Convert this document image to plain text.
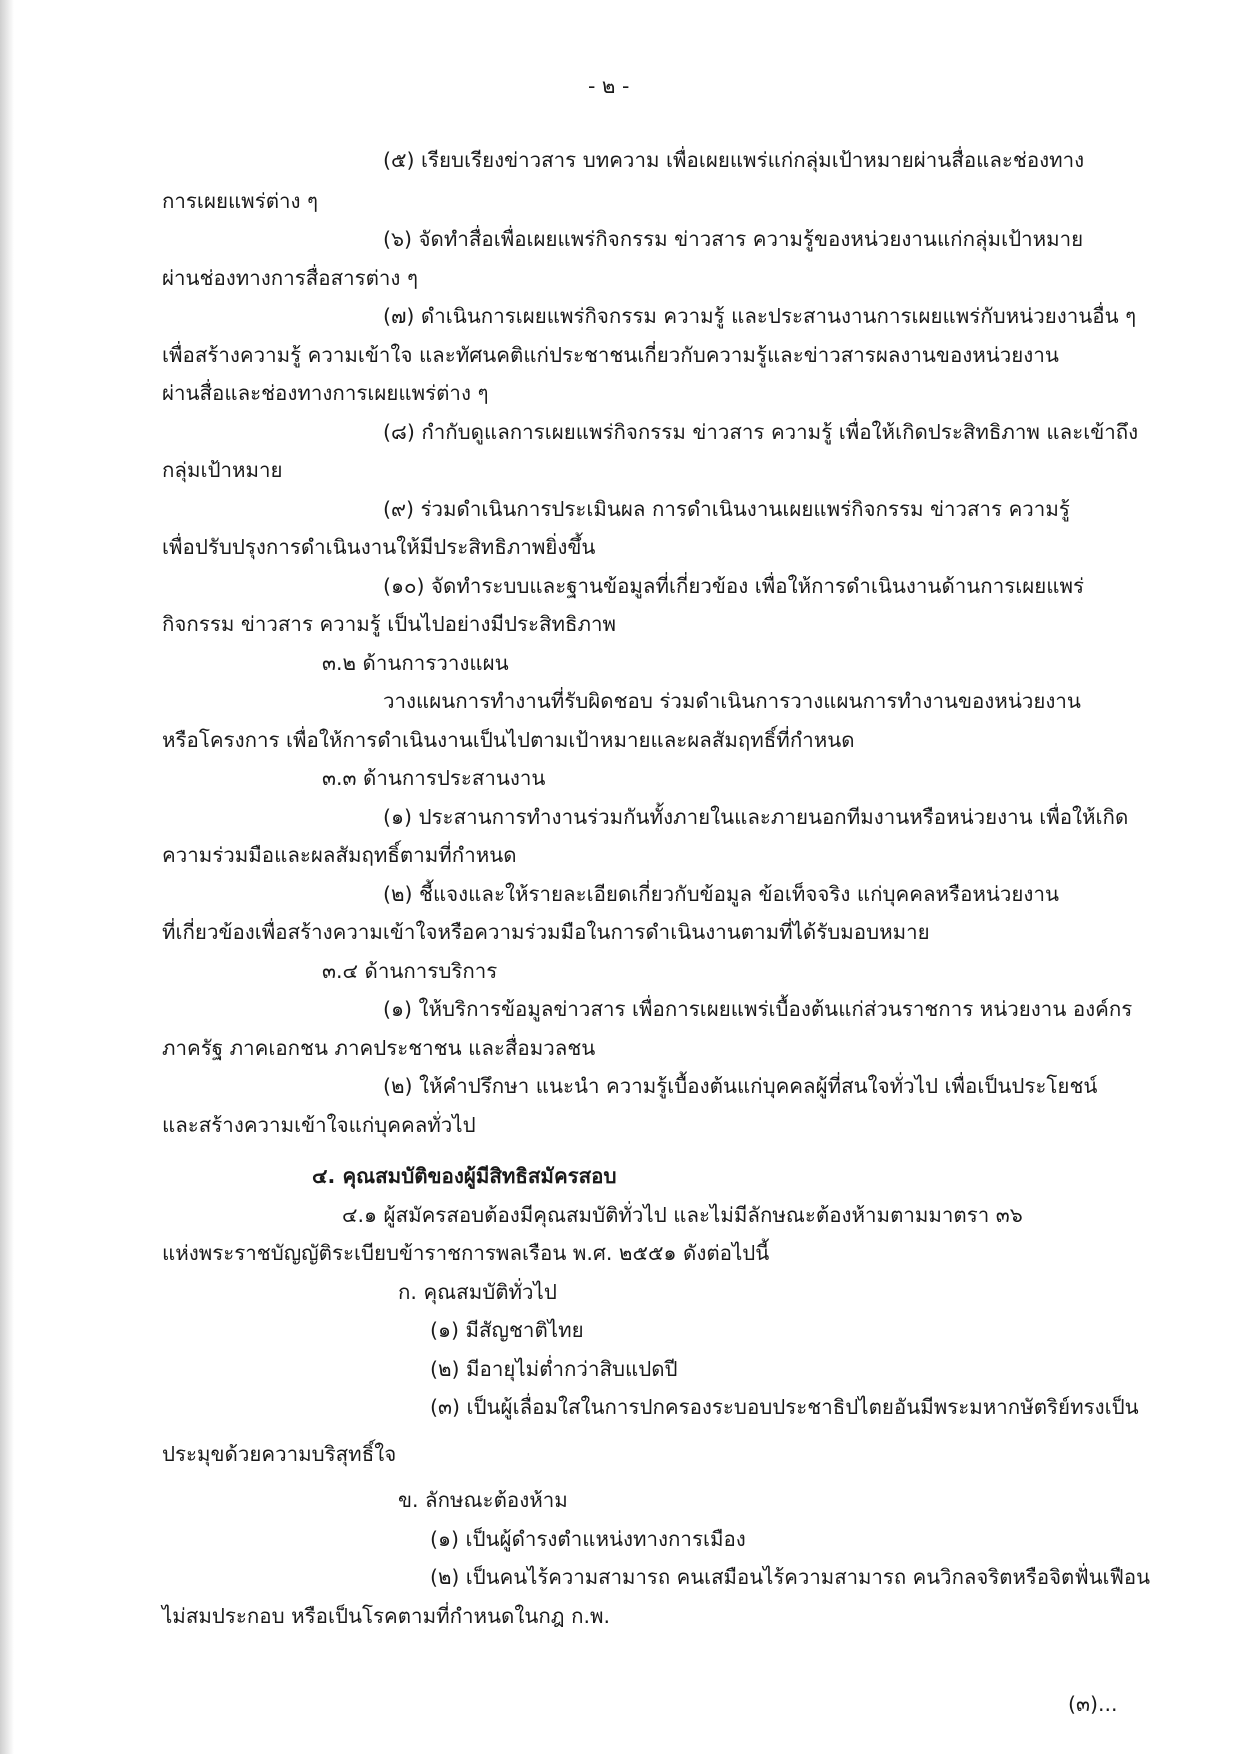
- ๒ -
(๕) เรียบเรียงข่าวสาร บทความ เพื่อเผยแพร่แก่กลุ่มเป้าหมายผ่านสื่อและช่องทาง
การเผยแพร่ต่าง ๆ
(๖) จัดทำสื่อเพื่อเผยแพร่กิจกรรม ข่าวสาร ความรู้ของหน่วยงานแก่กลุ่มเป้าหมาย
ผ่านช่องทางการสื่อสารต่าง ๆ
(๗) ดำเนินการเผยแพร่กิจกรรม ความรู้ และประสานงานการเผยแพร่กับหน่วยงานอื่น ๆ
เพื่อสร้างความรู้ ความเข้าใจ และทัศนคติแก่ประชาชนเกี่ยวกับความรู้และข่าวสารผลงานของหน่วยงาน
ผ่านสื่อและช่องทางการเผยแพร่ต่าง ๆ
(๘) กำกับดูแลการเผยแพร่กิจกรรม ข่าวสาร ความรู้ เพื่อให้เกิดประสิทธิภาพ และเข้าถึง
กลุ่มเป้าหมาย
(๙) ร่วมดำเนินการประเมินผล การดำเนินงานเผยแพร่กิจกรรม ข่าวสาร ความรู้
เพื่อปรับปรุงการดำเนินงานให้มีประสิทธิภาพยิ่งขึ้น
(๑๐) จัดทำระบบและฐานข้อมูลที่เกี่ยวข้อง เพื่อให้การดำเนินงานด้านการเผยแพร่
กิจกรรม ข่าวสาร ความรู้ เป็นไปอย่างมีประสิทธิภาพ
๓.๒ ด้านการวางแผน
วางแผนการทำงานที่รับผิดชอบ ร่วมดำเนินการวางแผนการทำงานของหน่วยงาน
หรือโครงการ เพื่อให้การดำเนินงานเป็นไปตามเป้าหมายและผลสัมฤทธิ์ที่กำหนด
๓.๓ ด้านการประสานงาน
(๑) ประสานการทำงานร่วมกันทั้งภายในและภายนอกทีมงานหรือหน่วยงาน เพื่อให้เกิด
ความร่วมมือและผลสัมฤทธิ์ตามที่กำหนด
(๒) ชี้แจงและให้รายละเอียดเกี่ยวกับข้อมูล ข้อเท็จจริง แก่บุคคลหรือหน่วยงาน
ที่เกี่ยวข้องเพื่อสร้างความเข้าใจหรือความร่วมมือในการดำเนินงานตามที่ได้รับมอบหมาย
๓.๔ ด้านการบริการ
(๑) ให้บริการข้อมูลข่าวสาร เพื่อการเผยแพร่เบื้องต้นแก่ส่วนราชการ หน่วยงาน องค์กร
ภาครัฐ ภาคเอกชน ภาคประชาชน และสื่อมวลชน
(๒) ให้คำปรึกษา แนะนำ ความรู้เบื้องต้นแก่บุคคลผู้ที่สนใจทั่วไป เพื่อเป็นประโยชน์
และสร้างความเข้าใจแก่บุคคลทั่วไป
๔. คุณสมบัติของผู้มีสิทธิสมัครสอบ
๔.๑ ผู้สมัครสอบต้องมีคุณสมบัติทั่วไป และไม่มีลักษณะต้องห้ามตามมาตรา ๓๖
แห่งพระราชบัญญัติระเบียบข้าราชการพลเรือน พ.ศ. ๒๕๕๑ ดังต่อไปนี้
ก. คุณสมบัติทั่วไป
(๑) มีสัญชาติไทย
(๒) มีอายุไม่ต่ำกว่าสิบแปดปี
(๓) เป็นผู้เลื่อมใสในการปกครองระบอบประชาธิปไตยอันมีพระมหากษัตริย์ทรงเป็น
ประมุขด้วยความบริสุทธิ์ใจ
ข. ลักษณะต้องห้าม
(๑) เป็นผู้ดำรงตำแหน่งทางการเมือง
(๒) เป็นคนไร้ความสามารถ คนเสมือนไร้ความสามารถ คนวิกลจริตหรือจิตฟั่นเฟือน
ไม่สมประกอบ หรือเป็นโรคตามที่กำหนดในกฎ ก.พ.
(๓)...
